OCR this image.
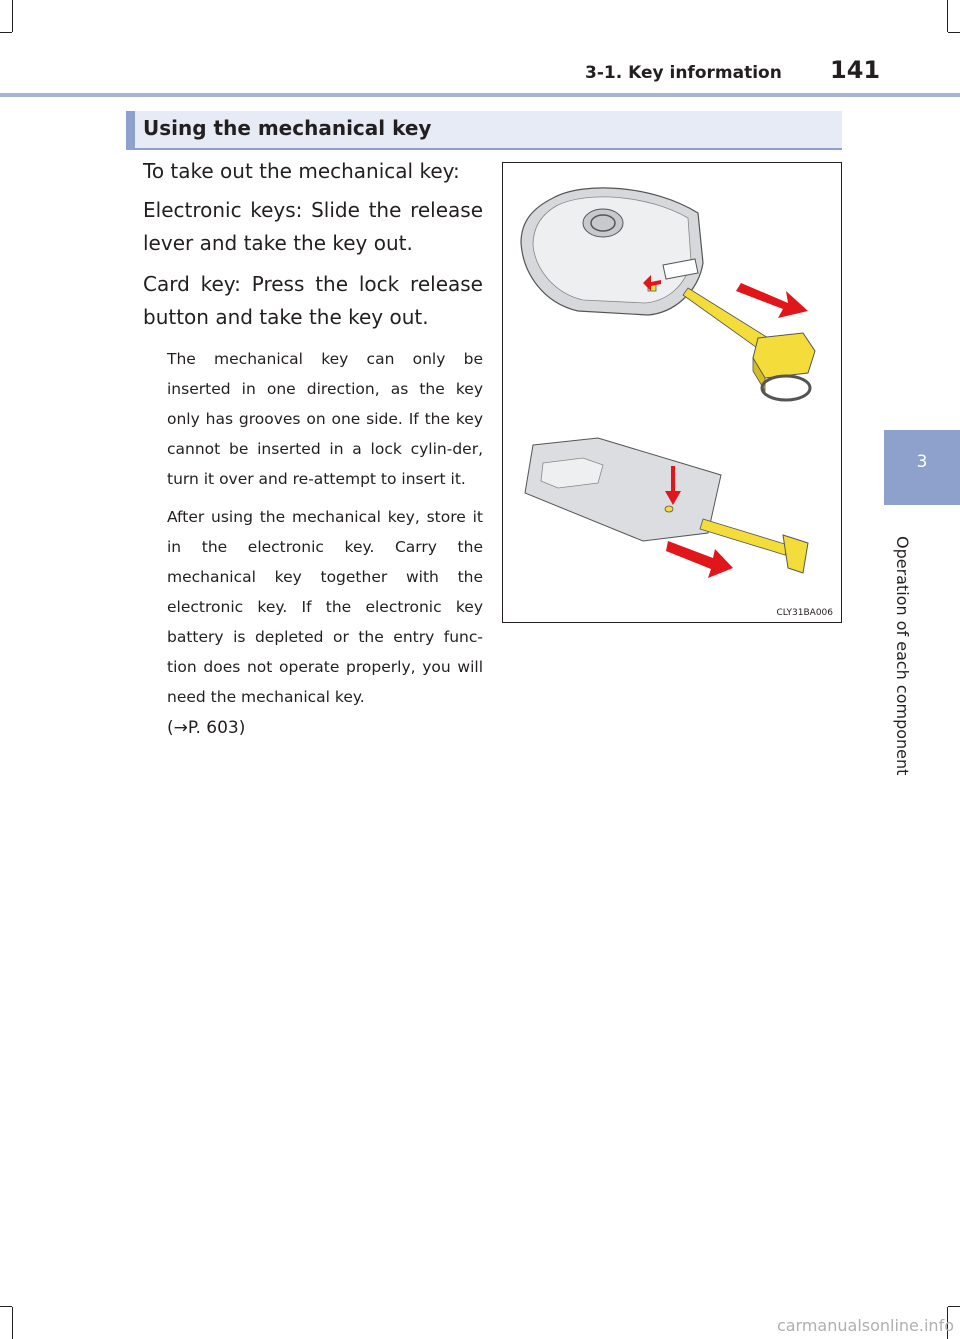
3-1. Key information 141
3
Operation of each component
Using the mechanical key

To take out the mechanical key:

Electronic keys: Slide the release lever and take the key out.

Card key: Press the lock release button and take the key out.

The mechanical key can only be inserted in one direction, as the key only has grooves on one side. If the key cannot be inserted in a lock cylin-der, turn it over and re-attempt to insert it.

After using the mechanical key, store it in the electronic key. Carry the mechanical key together with the electronic key. If the electronic key battery is depleted or the entry func-tion does not operate properly, you will need the mechanical key.

(→P. 603)

CLY31BA006
carmanualsonline.info
